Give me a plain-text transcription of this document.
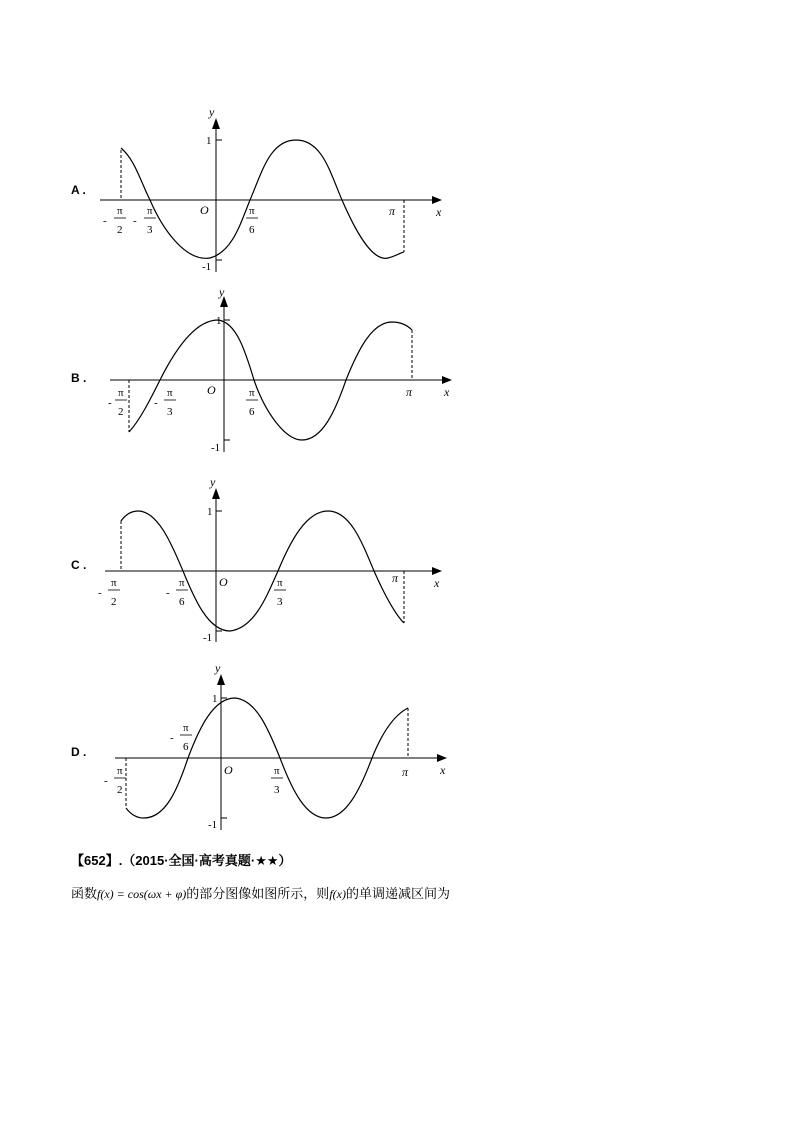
A .
y
x
O
1
-1
-
π
2
-
π
3
π
6
π
B .
y
x
O
1
-1
-
π
2
-
π
3
π
6
π
C .
y
x
O
1
-1
-
π
2
-
π
6
π
3
π
D .
y
x
O
1
-1
-
π
2
-
π
6
π
3
π
【652】.（2015·全国·高考真题·★★）
函数f(x) = cos(ωx + φ)的部分图像如图所示，则f(x)的单调递减区间为
